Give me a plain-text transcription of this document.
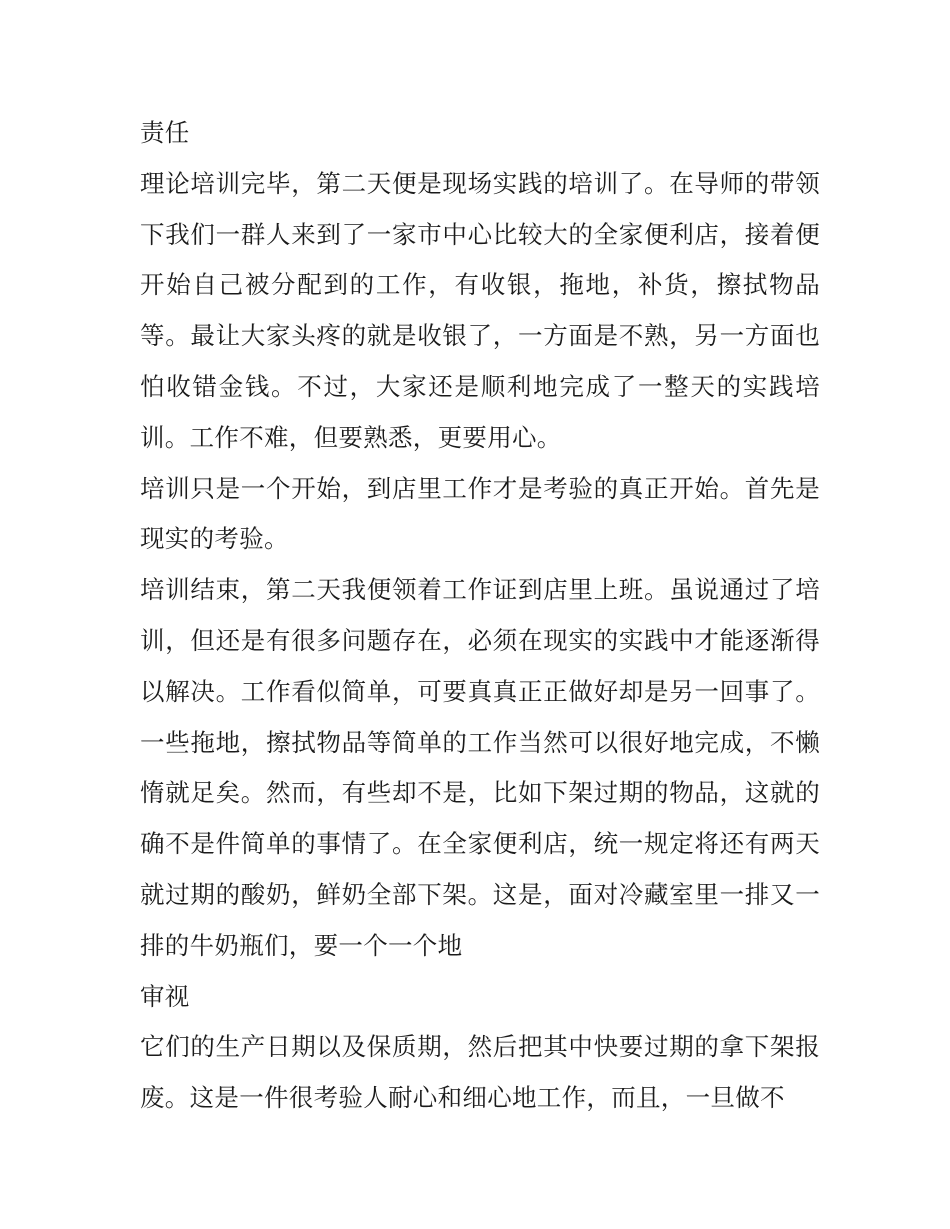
责任

理论培训完毕，第二天便是现场实践的培训了。在导师的带领下我们一群人来到了一家市中心比较大的全家便利店，接着便开始自己被分配到的工作，有收银，拖地，补货，擦拭物品等。最让大家头疼的就是收银了，一方面是不熟，另一方面也怕收错金钱。不过，大家还是顺利地完成了一整天的实践培训。工作不难，但要熟悉，更要用心。

培训只是一个开始，到店里工作才是考验的真正开始。首先是现实的考验。

培训结束，第二天我便领着工作证到店里上班。虽说通过了培训，但还是有很多问题存在，必须在现实的实践中才能逐渐得以解决。工作看似简单，可要真真正正做好却是另一回事了。一些拖地，擦拭物品等简单的工作当然可以很好地完成，不懒惰就足矣。然而，有些却不是，比如下架过期的物品，这就的确不是件简单的事情了。在全家便利店，统一规定将还有两天就过期的酸奶，鲜奶全部下架。这是，面对冷藏室里一排又一排的牛奶瓶们，要一个一个地

审视

它们的生产日期以及保质期，然后把其中快要过期的拿下架报废。这是一件很考验人耐心和细心地工作，而且，一旦做不
